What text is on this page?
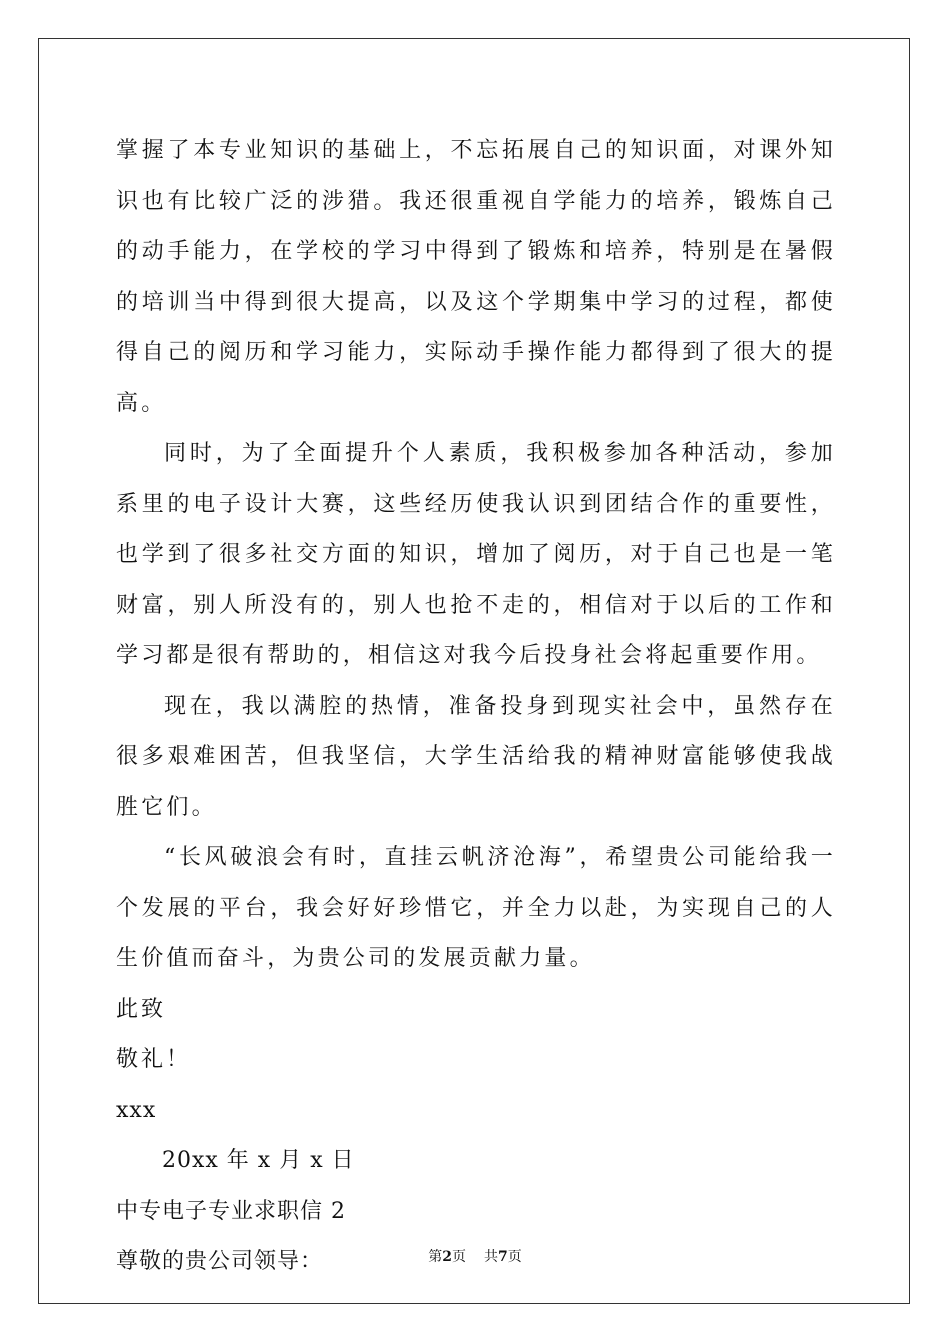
掌握了本专业知识的基础上，不忘拓展自己的知识面，对课外知识也有比较广泛的涉猎。我还很重视自学能力的培养，锻炼自己的动手能力，在学校的学习中得到了锻炼和培养，特别是在暑假的培训当中得到很大提高，以及这个学期集中学习的过程，都使得自己的阅历和学习能力，实际动手操作能力都得到了很大的提高。

同时，为了全面提升个人素质，我积极参加各种活动，参加系里的电子设计大赛，这些经历使我认识到团结合作的重要性，也学到了很多社交方面的知识，增加了阅历，对于自己也是一笔财富，别人所没有的，别人也抢不走的，相信对于以后的工作和学习都是很有帮助的，相信这对我今后投身社会将起重要作用。

现在，我以满腔的热情，准备投身到现实社会中，虽然存在很多艰难困苦，但我坚信，大学生活给我的精神财富能够使我战胜它们。

“长风破浪会有时，直挂云帆济沧海”，希望贵公司能给我一个发展的平台，我会好好珍惜它，并全力以赴，为实现自己的人生价值而奋斗，为贵公司的发展贡献力量。

此致

敬礼！

xxx

20xx 年 x 月 x 日

中专电子专业求职信 2

尊敬的贵公司领导：	第2页 共7页
